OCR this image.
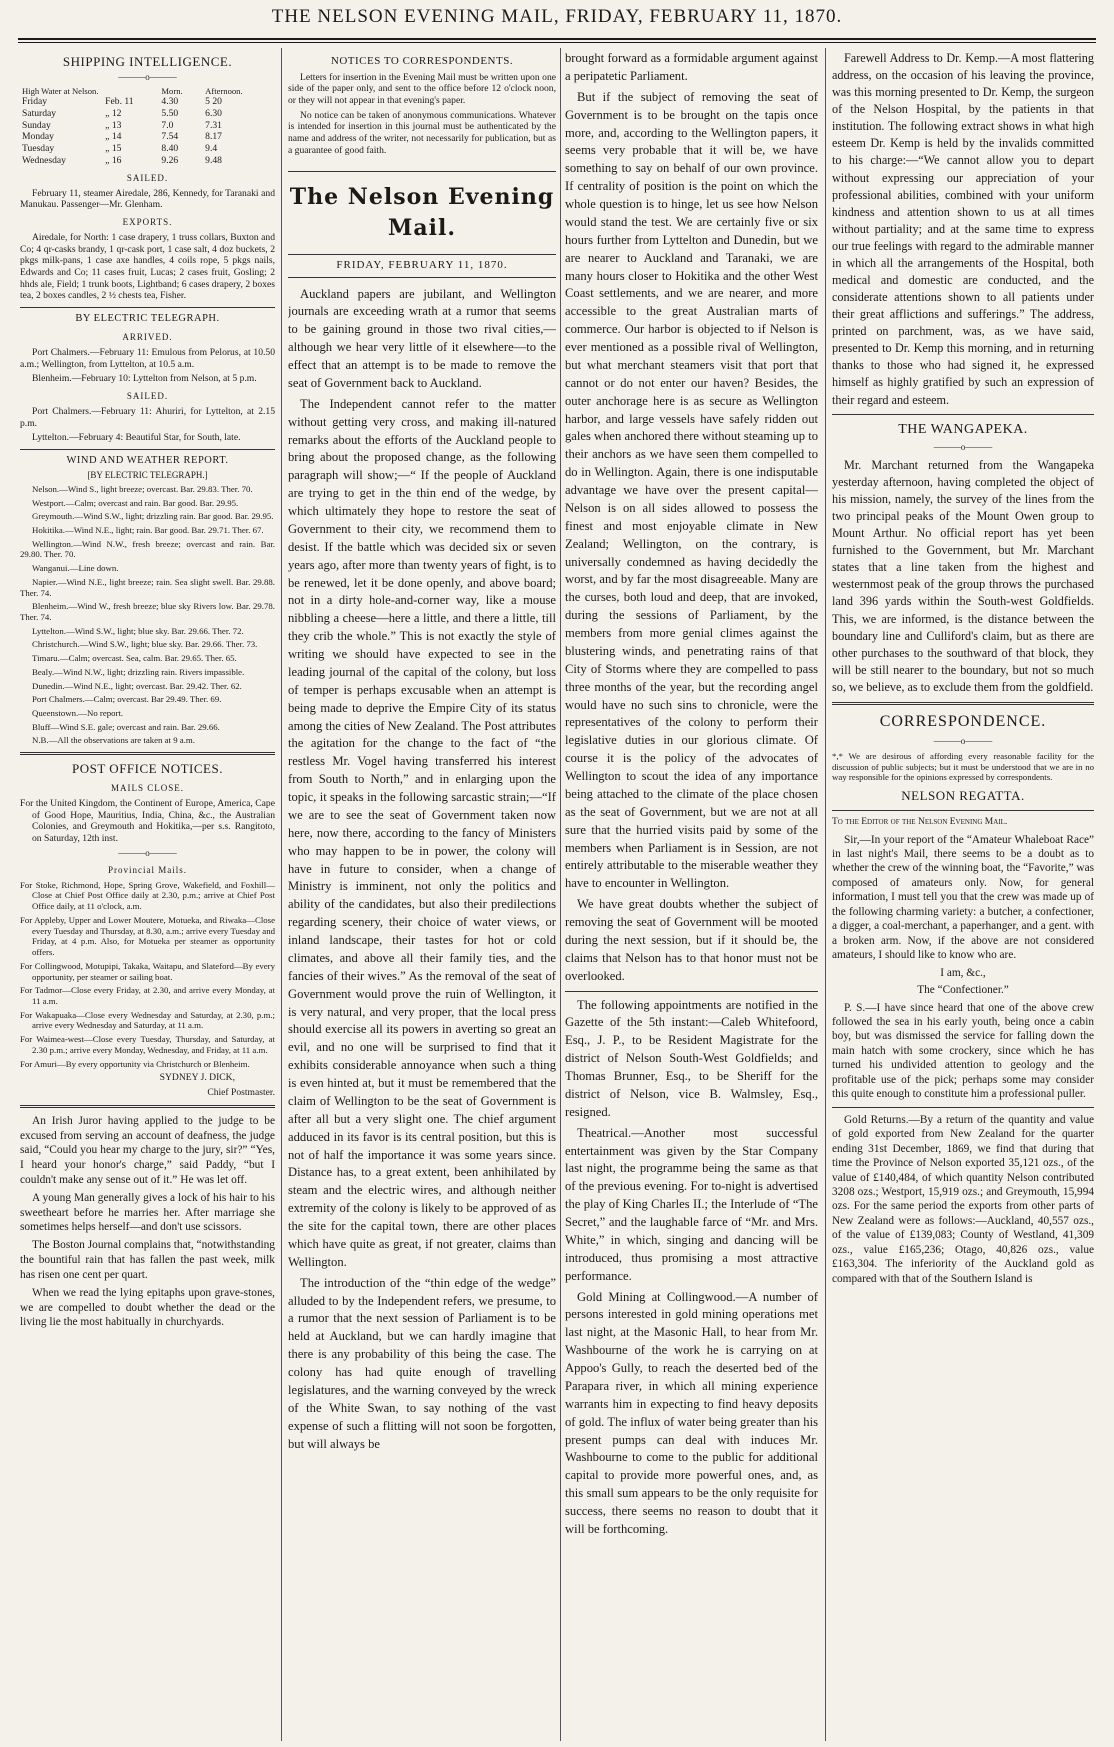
THE NELSON EVENING MAIL, FRIDAY, FEBRUARY 11, 1870.
SHIPPING INTELLIGENCE.
———o———
High Water at Nelson.		Morn.	Afternoon.
Friday	Feb. 11	4.30	5 20
Saturday	„ 12	5.50	6.30
Sunday	„ 13	7.0	7.31
Monday	„ 14	7.54	8.17
Tuesday	„ 15	8.40	9.4
Wednesday	„ 16	9.26	9.48
SAILED.

February 11, steamer Airedale, 286, Kennedy, for Taranaki and Manukau. Passenger—Mr. Glenham.

EXPORTS.

Airedale, for North: 1 case drapery, 1 truss collars, Buxton and Co; 4 qr-casks brandy, 1 qr-cask port, 1 case salt, 4 doz buckets, 2 pkgs milk-pans, 1 case axe handles, 4 coils rope, 5 pkgs nails, Edwards and Co; 11 cases fruit, Lucas; 2 cases fruit, Gosling; 2 hhds ale, Field; 1 trunk boots, Lightband; 6 cases drapery, 2 boxes tea, 2 boxes candles, 2 ½ chests tea, Fisher.

BY ELECTRIC TELEGRAPH.
ARRIVED.

Port Chalmers.—February 11: Emulous from Pelorus, at 10.50 a.m.; Wellington, from Lyttelton, at 10.5 a.m.

Blenheim.—February 10: Lyttelton from Nelson, at 5 p.m.

SAILED.

Port Chalmers.—February 11: Ahuriri, for Lyttelton, at 2.15 p.m.

Lyttelton.—February 4: Beautiful Star, for South, late.

WIND AND WEATHER REPORT.
[BY ELECTRIC TELEGRAPH.]

Nelson.—Wind S., light breeze; overcast. Bar. 29.83. Ther. 70.

Westport.—Calm; overcast and rain. Bar good. Bar. 29.95.

Greymouth.—Wind S.W., light; drizzling rain. Bar good. Bar. 29.95.

Hokitika.—Wind N.E., light; rain. Bar good. Bar. 29.71. Ther. 67.

Wellington.—Wind N.W., fresh breeze; overcast and rain. Bar. 29.80. Ther. 70.

Wanganui.—Line down.

Napier.—Wind N.E., light breeze; rain. Sea slight swell. Bar. 29.88. Ther. 74.

Blenheim.—Wind W., fresh breeze; blue sky Rivers low. Bar. 29.78. Ther. 74.

Lyttelton.—Wind S.W., light; blue sky. Bar. 29.66. Ther. 72.

Christchurch.—Wind S.W., light; blue sky. Bar. 29.66. Ther. 73.

Timaru.—Calm; overcast. Sea, calm. Bar. 29.65. Ther. 65.

Bealy.—Wind N.W., light; drizzling rain. Rivers impassible.

Dunedin.—Wind N.E., light; overcast. Bar. 29.42. Ther. 62.

Port Chalmers.—Calm; overcast. Bar 29.49. Ther. 69.

Queenstown.—No report.

Bluff—Wind S.E. gale; overcast and rain. Bar. 29.66.

N.B.—All the observations are taken at 9 a.m.

POST OFFICE NOTICES.
MAILS CLOSE.

For the United Kingdom, the Continent of Europe, America, Cape of Good Hope, Mauritius, India, China, &c., the Australian Colonies, and Greymouth and Hokitika,—per s.s. Rangitoto, on Saturday, 12th inst.

———o———
Provincial Mails.

For Stoke, Richmond, Hope, Spring Grove, Wakefield, and Foxhill—Close at Chief Post Office daily at 2.30, p.m.; arrive at Chief Post Office daily, at 11 o'clock, a.m.

For Appleby, Upper and Lower Moutere, Motueka, and Riwaka—Close every Tuesday and Thursday, at 8.30, a.m.; arrive every Tuesday and Friday, at 4 p.m. Also, for Motueka per steamer as opportunity offers.

For Collingwood, Motupipi, Takaka, Waitapu, and Slateford—By every opportunity, per steamer or sailing boat.

For Tadmor—Close every Friday, at 2.30, and arrive every Monday, at 11 a.m.

For Wakapuaka—Close every Wednesday and Saturday, at 2.30, p.m.; arrive every Wednesday and Saturday, at 11 a.m.

For Waimea-west—Close every Tuesday, Thursday, and Saturday, at 2.30 p.m.; arrive every Monday, Wednesday, and Friday, at 11 a.m.

For Amuri—By every opportunity via Christchurch or Blenheim.

SYDNEY J. DICK,

Chief Postmaster.

An Irish Juror having applied to the judge to be excused from serving an account of deafness, the judge said, “Could you hear my charge to the jury, sir?” “Yes, I heard your honor's charge,” said Paddy, “but I couldn't make any sense out of it.” He was let off.

A young Man generally gives a lock of his hair to his sweetheart before he marries her. After marriage she sometimes helps herself—and don't use scissors.

The Boston Journal complains that, “notwithstanding the bountiful rain that has fallen the past week, milk has risen one cent per quart.

When we read the lying epitaphs upon grave-stones, we are compelled to doubt whether the dead or the living lie the most habitually in churchyards.

NOTICES TO CORRESPONDENTS.

Letters for insertion in the Evening Mail must be written upon one side of the paper only, and sent to the office before 12 o'clock noon, or they will not appear in that evening's paper.

No notice can be taken of anonymous communications. Whatever is intended for insertion in this journal must be authenticated by the name and address of the writer, not necessarily for publication, but as a guarantee of good faith.

The Nelson Evening Mail.
FRIDAY, FEBRUARY 11, 1870.

Auckland papers are jubilant, and Wellington journals are exceeding wrath at a rumor that seems to be gaining ground in those two rival cities,—although we hear very little of it elsewhere—to the effect that an attempt is to be made to remove the seat of Government back to Auckland.

The Independent cannot refer to the matter without getting very cross, and making ill-natured remarks about the efforts of the Auckland people to bring about the proposed change, as the following paragraph will show;—“ If the people of Auckland are trying to get in the thin end of the wedge, by which ultimately they hope to restore the seat of Government to their city, we recommend them to desist. If the battle which was decided six or seven years ago, after more than twenty years of fight, is to be renewed, let it be done openly, and above board; not in a dirty hole-and-corner way, like a mouse nibbling a cheese—here a little, and there a little, till they crib the whole.” This is not exactly the style of writing we should have expected to see in the leading journal of the capital of the colony, but loss of temper is perhaps excusable when an attempt is being made to deprive the Empire City of its status among the cities of New Zealand. The Post attributes the agitation for the change to the fact of “the restless Mr. Vogel having transferred his interest from South to North,” and in enlarging upon the topic, it speaks in the following sarcastic strain;—“If we are to see the seat of Government taken now here, now there, according to the fancy of Ministers who may happen to be in power, the colony will have in future to consider, when a change of Ministry is imminent, not only the politics and ability of the candidates, but also their predilections regarding scenery, their choice of water views, or inland landscape, their tastes for hot or cold climates, and above all their family ties, and the fancies of their wives.” As the removal of the seat of Government would prove the ruin of Wellington, it is very natural, and very proper, that the local press should exercise all its powers in averting so great an evil, and no one will be surprised to find that it exhibits considerable annoyance when such a thing is even hinted at, but it must be remembered that the claim of Wellington to be the seat of Government is after all but a very slight one. The chief argument adduced in its favor is its central position, but this is not of half the importance it was some years since. Distance has, to a great extent, been anhihilated by steam and the electric wires, and although neither extremity of the colony is likely to be approved of as the site for the capital town, there are other places which have quite as great, if not greater, claims than Wellington.

The introduction of the “thin edge of the wedge” alluded to by the Independent refers, we presume, to a rumor that the next session of Parliament is to be held at Auckland, but we can hardly imagine that there is any probability of this being the case. The colony has had quite enough of travelling legislatures, and the warning conveyed by the wreck of the White Swan, to say nothing of the vast expense of such a flitting will not soon be forgotten, but will always be

brought forward as a formidable argument against a peripatetic Parliament.

But if the subject of removing the seat of Government is to be brought on the tapis once more, and, according to the Wellington papers, it seems very probable that it will be, we have something to say on behalf of our own province. If centrality of position is the point on which the whole question is to hinge, let us see how Nelson would stand the test. We are certainly five or six hours further from Lyttelton and Dunedin, but we are nearer to Auckland and Taranaki, we are many hours closer to Hokitika and the other West Coast settlements, and we are nearer, and more accessible to the great Australian marts of commerce. Our harbor is objected to if Nelson is ever mentioned as a possible rival of Wellington, but what merchant steamers visit that port that cannot or do not enter our haven? Besides, the outer anchorage here is as secure as Wellington harbor, and large vessels have safely ridden out gales when anchored there without steaming up to their anchors as we have seen them compelled to do in Wellington. Again, there is one indisputable advantage we have over the present capital—Nelson is on all sides allowed to possess the finest and most enjoyable climate in New Zealand; Wellington, on the contrary, is universally condemned as having decidedly the worst, and by far the most disagreeable. Many are the curses, both loud and deep, that are invoked, during the sessions of Parliament, by the members from more genial climes against the blustering winds, and penetrating rains of that City of Storms where they are compelled to pass three months of the year, but the recording angel would have no such sins to chronicle, were the representatives of the colony to perform their legislative duties in our glorious climate. Of course it is the policy of the advocates of Wellington to scout the idea of any importance being attached to the climate of the place chosen as the seat of Government, but we are not at all sure that the hurried visits paid by some of the members when Parliament is in Session, are not entirely attributable to the miserable weather they have to encounter in Wellington.

We have great doubts whether the subject of removing the seat of Government will be mooted during the next session, but if it should be, the claims that Nelson has to that honor must not be overlooked.

The following appointments are notified in the Gazette of the 5th instant:—Caleb Whitefoord, Esq., J. P., to be Resident Magistrate for the district of Nelson South-West Goldfields; and Thomas Brunner, Esq., to be Sheriff for the district of Nelson, vice B. Walmsley, Esq., resigned.

Theatrical.—Another most successful entertainment was given by the Star Company last night, the programme being the same as that of the previous evening. For to-night is advertised the play of King Charles II.; the Interlude of “The Secret,” and the laughable farce of “Mr. and Mrs. White,” in which, singing and dancing will be introduced, thus promising a most attractive performance.

Gold Mining at Collingwood.—A number of persons interested in gold mining operations met last night, at the Masonic Hall, to hear from Mr. Washbourne of the work he is carrying on at Appoo's Gully, to reach the deserted bed of the Parapara river, in which all mining experience warrants him in expecting to find heavy deposits of gold. The influx of water being greater than his present pumps can deal with induces Mr. Washbourne to come to the public for additional capital to provide more powerful ones, and, as this small sum appears to be the only requisite for success, there seems no reason to doubt that it will be forthcoming.

Farewell Address to Dr. Kemp.—A most flattering address, on the occasion of his leaving the province, was this morning presented to Dr. Kemp, the surgeon of the Nelson Hospital, by the patients in that institution. The following extract shows in what high esteem Dr. Kemp is held by the invalids committed to his charge:—“We cannot allow you to depart without expressing our appreciation of your professional abilities, combined with your uniform kindness and attention shown to us at all times without partiality; and at the same time to express our true feelings with regard to the admirable manner in which all the arrangements of the Hospital, both medical and domestic are conducted, and the considerate attentions shown to all patients under their great afflictions and sufferings.” The address, printed on parchment, was, as we have said, presented to Dr. Kemp this morning, and in returning thanks to those who had signed it, he expressed himself as highly gratified by such an expression of their regard and esteem.

THE WANGAPEKA.
———o———

Mr. Marchant returned from the Wangapeka yesterday afternoon, having completed the object of his mission, namely, the survey of the lines from the two principal peaks of the Mount Owen group to Mount Arthur. No official report has yet been furnished to the Government, but Mr. Marchant states that a line taken from the highest and westernmost peak of the group throws the purchased land 396 yards within the South-west Goldfields. This, we are informed, is the distance between the boundary line and Culliford's claim, but as there are other purchases to the southward of that block, they will be still nearer to the boundary, but not so much so, we believe, as to exclude them from the goldfield.

CORRESPONDENCE.
———o———

*,* We are desirous of affording every reasonable facility for the discussion of public subjects; but it must be understood that we are in no way responsible for the opinions expressed by correspondents.

NELSON REGATTA.

To the Editor of the Nelson Evening Mail.

Sir,—In your report of the “Amateur Whaleboat Race” in last night's Mail, there seems to be a doubt as to whether the crew of the winning boat, the “Favorite,” was composed of amateurs only. Now, for general information, I must tell you that the crew was made up of the following charming variety: a butcher, a confectioner, a digger, a coal-merchant, a paperhanger, and a gent. with a broken arm. Now, if the above are not considered amateurs, I should like to know who are.

I am, &c.,

The “Confectioner.”

P. S.—I have since heard that one of the above crew followed the sea in his early youth, being once a cabin boy, but was dismissed the service for falling down the main hatch with some crockery, since which he has turned his undivided attention to geology and the profitable use of the pick; perhaps some may consider this quite enough to constitute him a professional puller.

Gold Returns.—By a return of the quantity and value of gold exported from New Zealand for the quarter ending 31st December, 1869, we find that during that time the Province of Nelson exported 35,121 ozs., of the value of £140,484, of which quantity Nelson contributed 3208 ozs.; Westport, 15,919 ozs.; and Greymouth, 15,994 ozs. For the same period the exports from other parts of New Zealand were as follows:—Auckland, 40,557 ozs., of the value of £139,083; County of Westland, 41,309 ozs., value £165,236; Otago, 40,826 ozs., value £163,304. The inferiority of the Auckland gold as compared with that of the Southern Island is
